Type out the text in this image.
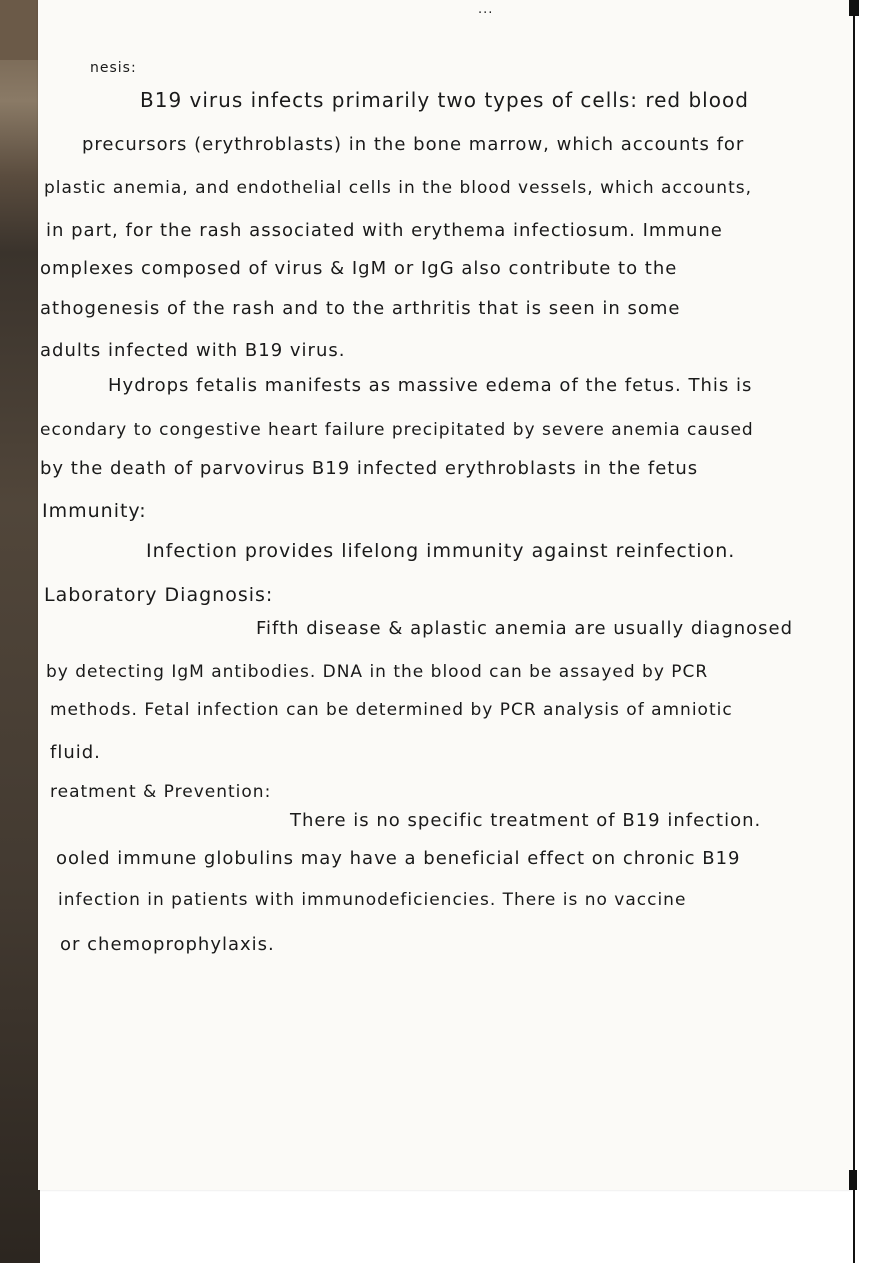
...
nesis:
B19 virus infects primarily two types of cells: red blood
precursors (erythroblasts) in the bone marrow, which accounts for
plastic anemia, and endothelial cells in the blood vessels, which accounts,
in part, for the rash associated with erythema infectiosum. Immune
omplexes composed of virus & IgM or IgG also contribute to the
athogenesis of the rash and to the arthritis that is seen in some
adults infected with B19 virus.
Hydrops fetalis manifests as massive edema of the fetus. This is
econdary to congestive heart failure precipitated by severe anemia caused
by the death of parvovirus B19 infected erythroblasts in the fetus
Immunity:
Infection provides lifelong immunity against reinfection.
Laboratory Diagnosis:
Fifth disease & aplastic anemia are usually diagnosed
by detecting IgM antibodies. DNA in the blood can be assayed by PCR
methods. Fetal infection can be determined by PCR analysis of amniotic
fluid.
reatment & Prevention:
There is no specific treatment of B19 infection.
ooled immune globulins may have a beneficial effect on chronic B19
infection in patients with immunodeficiencies. There is no vaccine
or chemoprophylaxis.
